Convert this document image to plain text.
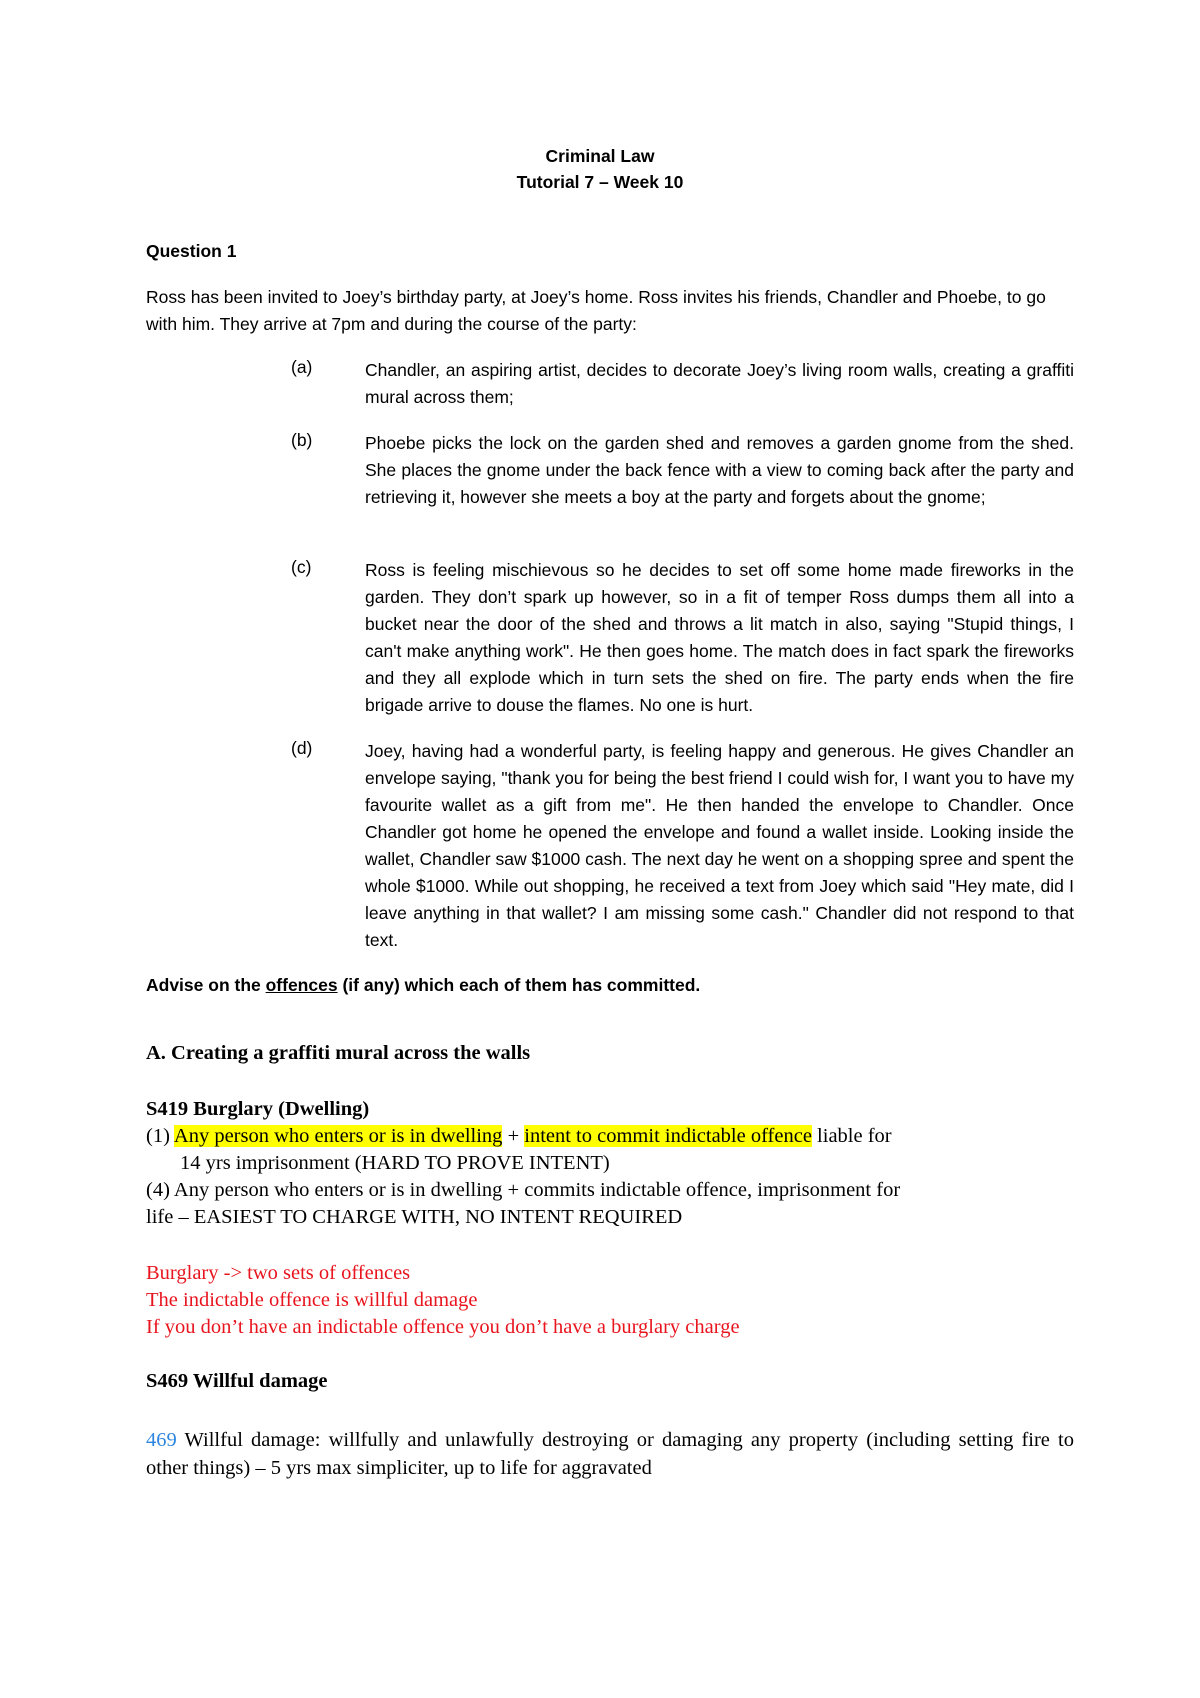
Criminal Law
Tutorial 7 – Week 10
Question 1
Ross has been invited to Joey’s birthday party, at Joey’s home. Ross invites his friends, Chandler and Phoebe, to go with him. They arrive at 7pm and during the course of the party:
(a)	Chandler, an aspiring artist, decides to decorate Joey’s living room walls, creating a graffiti mural across them;
(b)	Phoebe picks the lock on the garden shed and removes a garden gnome from the shed. She places the gnome under the back fence with a view to coming back after the party and retrieving it, however she meets a boy at the party and forgets about the gnome;
(c)	Ross is feeling mischievous so he decides to set off some home made fireworks in the garden. They don’t spark up however, so in a fit of temper Ross dumps them all into a bucket near the door of the shed and throws a lit match in also, saying "Stupid things, I can't make anything work". He then goes home. The match does in fact spark the fireworks and they all explode which in turn sets the shed on fire. The party ends when the fire brigade arrive to douse the flames. No one is hurt.
(d)	Joey, having had a wonderful party, is feeling happy and generous. He gives Chandler an envelope saying, "thank you for being the best friend I could wish for, I want you to have my favourite wallet as a gift from me". He then handed the envelope to Chandler. Once Chandler got home he opened the envelope and found a wallet inside. Looking inside the wallet, Chandler saw $1000 cash. The next day he went on a shopping spree and spent the whole $1000. While out shopping, he received a text from Joey which said "Hey mate, did I leave anything in that wallet? I am missing some cash." Chandler did not respond to that text.
Advise on the offences (if any) which each of them has committed.
A. Creating a graffiti mural across the walls
S419 Burglary (Dwelling)
(1) Any person who enters or is in dwelling + intent to commit indictable offence liable for
14 yrs imprisonment (HARD TO PROVE INTENT)
(4) Any person who enters or is in dwelling + commits indictable offence, imprisonment for
life – EASIEST TO CHARGE WITH, NO INTENT REQUIRED
Burglary -> two sets of offences
The indictable offence is willful damage
If you don’t have an indictable offence you don’t have a burglary charge
S469 Willful damage
469 Willful damage: willfully and unlawfully destroying or damaging any property (including setting fire to other things) – 5 yrs max simpliciter, up to life for aggravated
